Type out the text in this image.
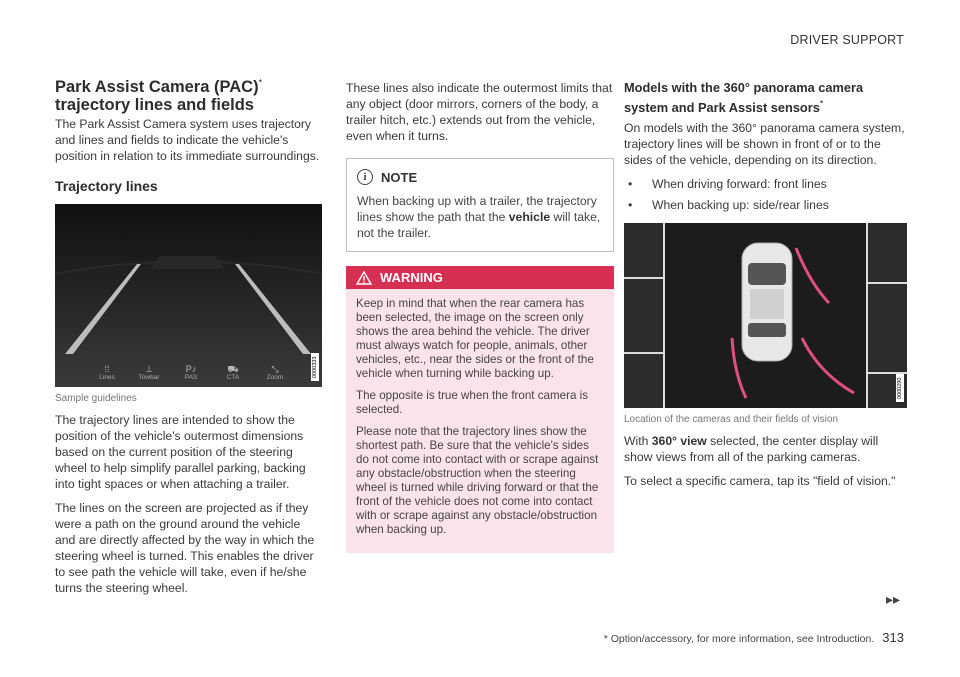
DRIVER SUPPORT
Park Assist Camera (PAC)*
trajectory lines and fields

The Park Assist Camera system uses trajectory and lines and fields to indicate the vehicle's position in relation to its immediate surroundings.

Trajectory lines
⁞⁞
Lines
⊥
Towbar
P♪
PAS
⛟
CTA
⤡
Zoom	0000333
Sample guidelines

The trajectory lines are intended to show the position of the vehicle's outermost dimensions based on the current position of the steering wheel to help simplify parallel parking, backing into tight spaces or when attaching a trailer.

The lines on the screen are projected as if they were a path on the ground around the vehicle and are directly affected by the way in which the steering wheel is turned. This enables the driver to see path the vehicle will take, even if he/she turns the steering wheel.

These lines also indicate the outermost limits that any object (door mirrors, corners of the body, a trailer hitch, etc.) extends out from the vehicle, even when it turns.

i	NOTE

When backing up with a trailer, the trajectory lines show the path that the vehicle will take, not the trailer.

WARNING

Keep in mind that when the rear camera has been selected, the image on the screen only shows the area behind the vehicle. The driver must always watch for people, animals, other vehicles, etc., near the sides or the front of the vehicle when turning while backing up.

The opposite is true when the front camera is selected.

Please note that the trajectory lines show the shortest path. Be sure that the vehicle's sides do not come into contact with or scrape against any obstacle/obstruction when the steering wheel is turned while driving forward or that the front of the vehicle does not come into contact with or scrape against any obstacle/obstruction when backing up.

Models with the 360° panorama camera
system and Park Assist sensors*

On models with the 360° panorama camera system, trajectory lines will be shown in front of or to the sides of the vehicle, depending on its direction.

• When driving forward: front lines
• When backing up: side/rear lines
0000290
Location of the cameras and their fields of vision

With 360° view selected, the center display will show views from all of the parking cameras.

To select a specific camera, tap its "field of vision."

▸▸
* Option/accessory, for more information, see Introduction. 313
